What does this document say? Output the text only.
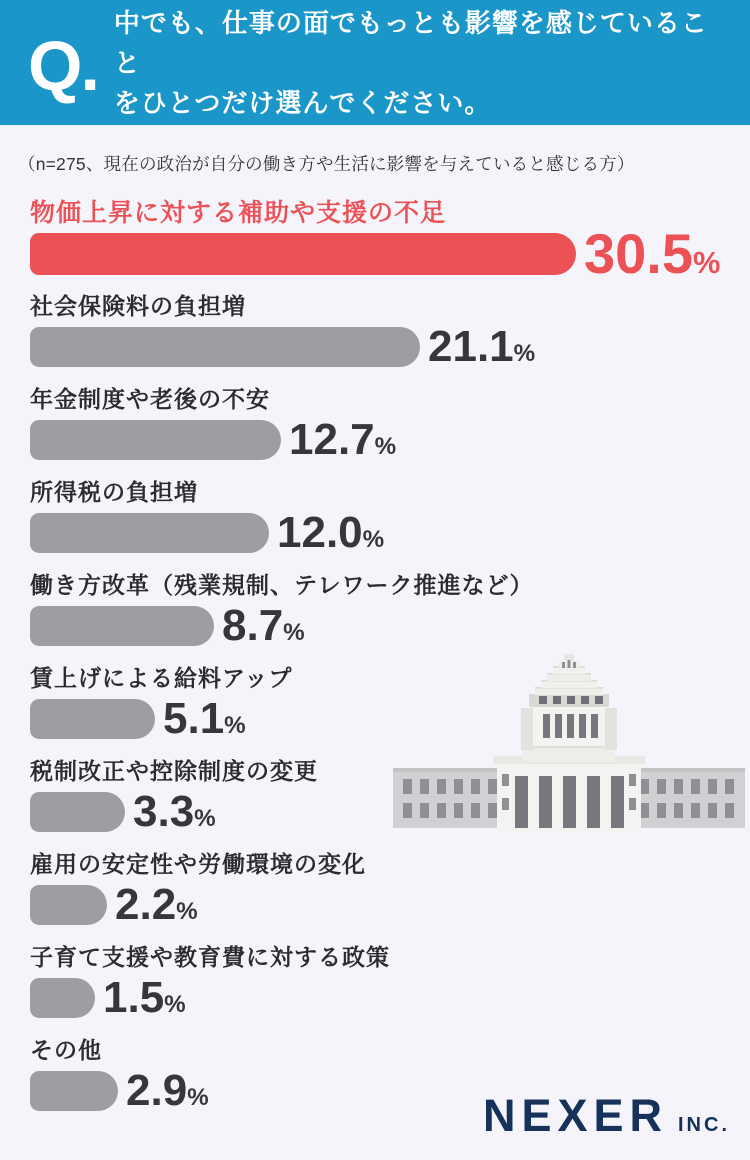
Q.
中でも、仕事の面でもっとも影響を感じていること
をひとつだけ選んでください。

（n=275、現在の政治が自分の働き方や生活に影響を与えていると感じる方）

物価上昇に対する補助や支援の不足
30.5%
社会保険料の負担増
21.1%
年金制度や老後の不安
12.7%
所得税の負担増
12.0%
働き方改革（残業規制、テレワーク推進など）
8.7%
賃上げによる給料アップ
5.1%
税制改正や控除制度の変更
3.3%
雇用の安定性や労働環境の変化
2.2%
子育て支援や教育費に対する政策
1.5%
その他
2.9%	NEXER INC.
